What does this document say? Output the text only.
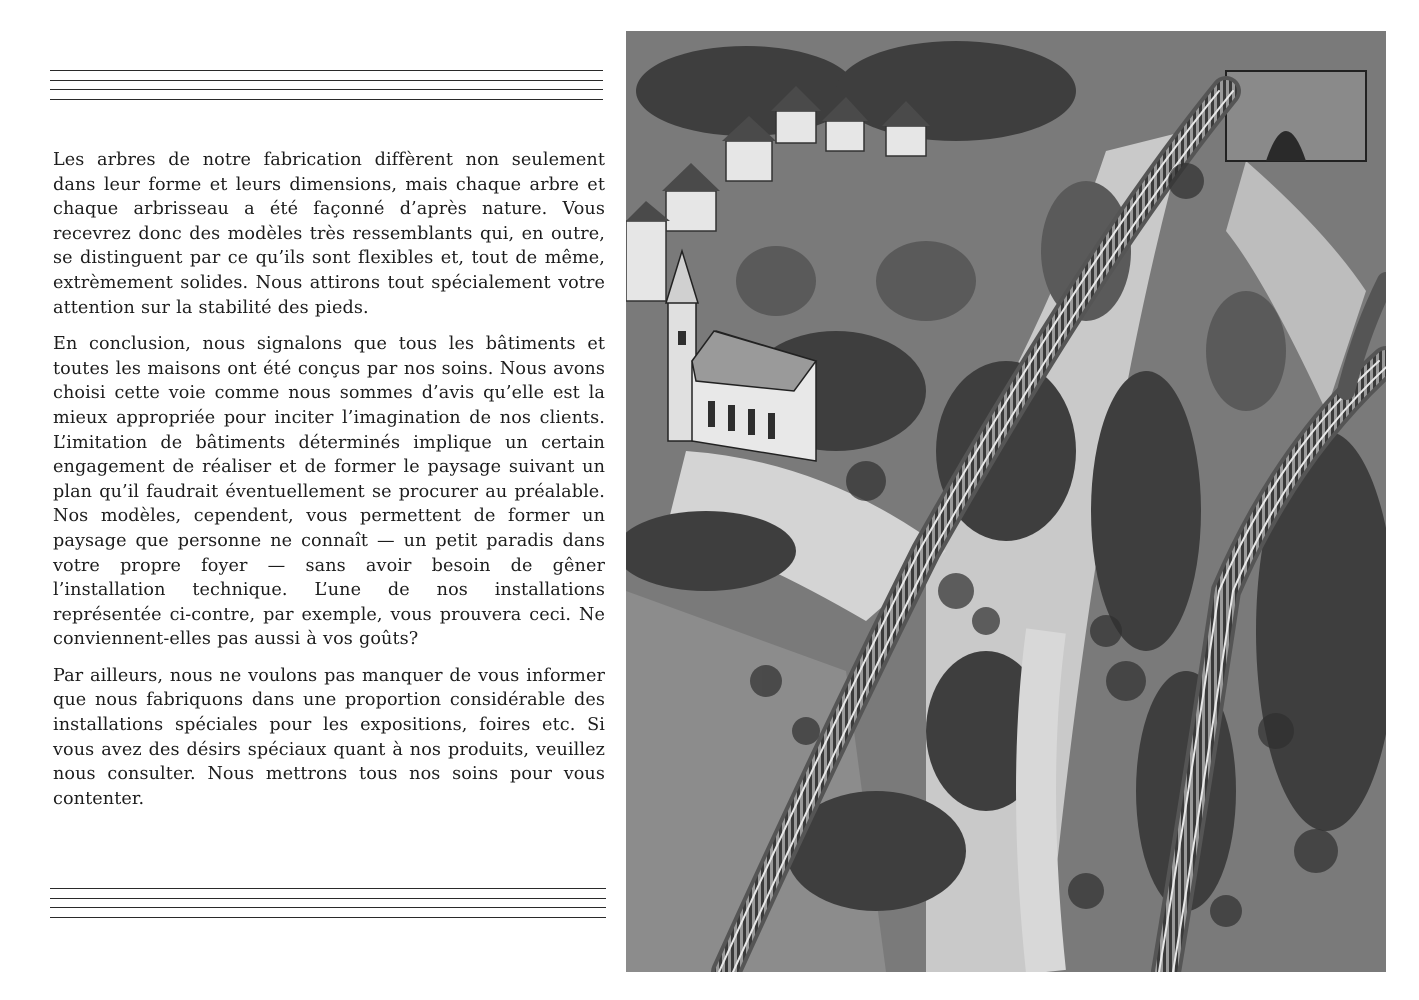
Les arbres de notre fabrication diffèrent non seulement dans leur forme et leurs dimensions, mais chaque arbre et chaque arbrisseau a été façonné d’après nature. Vous recevrez donc des modèles très ressemblants qui, en outre, se distinguent par ce qu’ils sont flexibles et, tout de même, extrèmement solides. Nous attirons tout spécialement votre attention sur la stabilité des pieds.

En conclusion, nous signalons que tous les bâtiments et toutes les maisons ont été conçus par nos soins. Nous avons choisi cette voie comme nous sommes d’avis qu’elle est la mieux appropriée pour inciter l’imagination de nos clients. L’imitation de bâtiments déterminés implique un certain engagement de réaliser et de former le paysage suivant un plan qu’il faudrait éventuellement se procurer au préalable. Nos modèles, cependent, vous permettent de former un paysage que personne ne connaît — un petit paradis dans votre propre foyer — sans avoir besoin de gêner l’installation technique. L’une de nos installations représentée ci-contre, par exemple, vous prouvera ceci. Ne conviennent-elles pas aussi à vos goûts?

Par ailleurs, nous ne voulons pas manquer de vous informer que nous fabriquons dans une proportion considérable des installations spéciales pour les expositions, foires etc. Si vous avez des désirs spéciaux quant à nos produits, veuillez nous consulter. Nous mettrons tous nos soins pour vous contenter.
